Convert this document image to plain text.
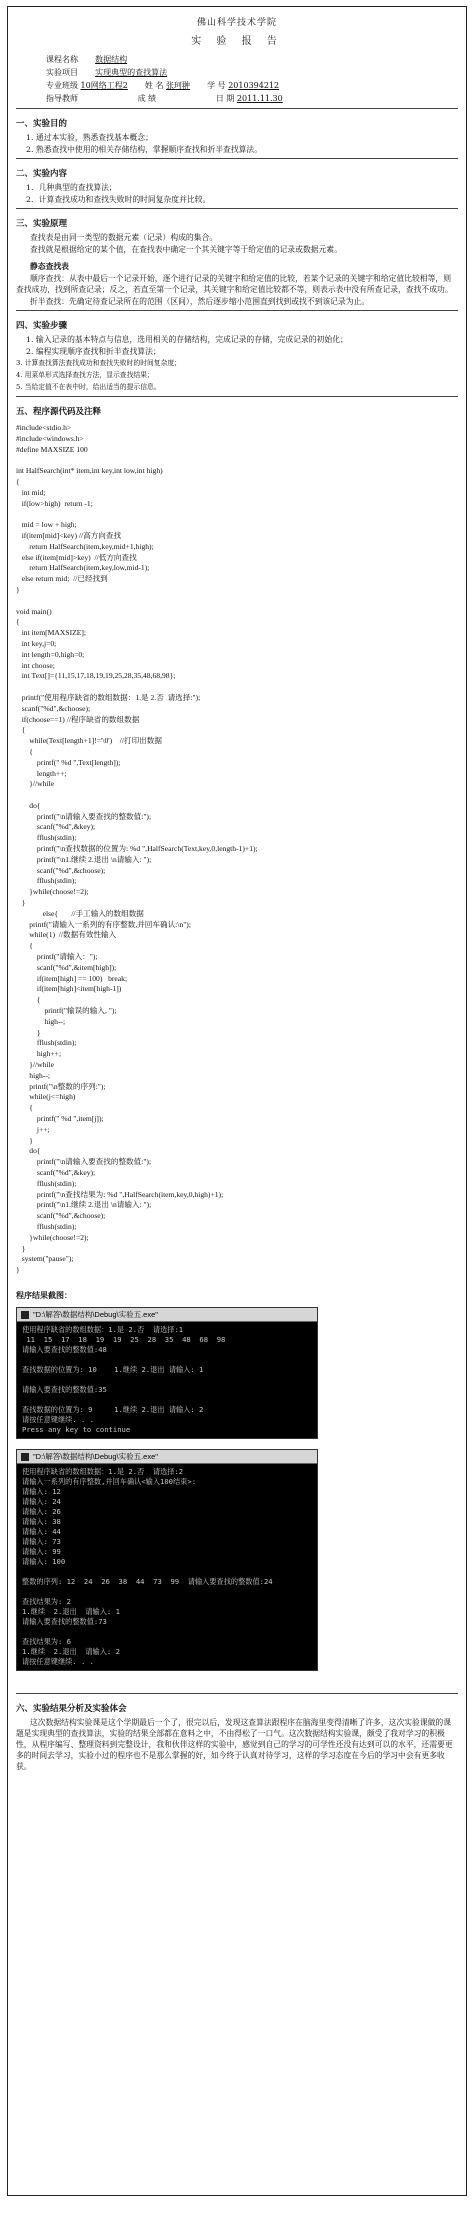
佛山科学技术学院
实 验 报 告
课程名称 数据结构
实验项目 实现典型的查找算法
专业班级 10网络工程2 姓 名 张珂翀 学 号 2010394212
指导教师	成 绩	日 期 2011.11.30
一、实验目的
1. 通过本实验，熟悉查找基本概念；
2. 熟悉查找中使用的相关存储结构，掌握顺序查找和折半查找算法。
二、实验内容
1．几种典型的查找算法；
2．计算查找成功和查找失败时的时间复杂度并比较。
三、实验原理
查找表是由同一类型的数据元素（记录）构成的集合。
查找就是根据给定的某个值，在查找表中确定一个其关键字等于给定值的记录或数据元素。
静态查找表
顺序查找：从表中最后一个记录开始，逐个进行记录的关键字和给定值的比较，若某个记录的关键字和给定值比较相等，则查找成功，找到所查记录；反之，若直至第一个记录，其关键字和给定值比较都不等，则表示表中没有所查记录，查找不成功。
折半查找：先确定待查记录所在的范围（区间），然后逐步缩小范围直到找到或找不到该记录为止。
四、实验步骤
1. 输入记录的基本特点与信息，选用相关的存储结构，完成记录的存储，完成记录的初始化；
2. 编程实现顺序查找和折半查找算法；
3. 计算查找算法查找成功和查找失败时的时间复杂度；
4. 用菜单形式选择查找方法，显示查找结果；
5. 当给定值不在表中时，给出适当的提示信息。
五、程序源代码及注释
#include<stdio.h>
#include<windows.h>
#define MAXSIZE 100

int HalfSearch(int* item,int key,int low,int high)
{
int mid;
if(low>high)  return -1;

mid = low + high;
if(item[mid]<key) //高方向查找
return HalfSearch(item,key,mid+1,high);
else if(item[mid]>key)  //低方向查找
return HalfSearch(item,key,low,mid-1);
else return mid;  //已经找到
}

void main()
{
int item[MAXSIZE];
int key,j=0;
int length=0,high=0;
int choose;
int Text[]={11,15,17,18,19,19,25,28,35,48,68,98};

printf("使用程序缺省的数组数据：1.是 2.否  请选择:");
scanf("%d",&choose);
if(choose==1) //程序缺省的数组数据
{
while(Text[length+1]!='\0')    //打印出数据
{
printf(" %d ",Text[length]);
length++;
}//while

do{
printf("\n请输入要查找的整数值:");
scanf("%d",&key);
fflush(stdin);
printf("\n查找数据的位置为: %d ",HalfSearch(Text,key,0,length-1)+1);
printf("\n1.继续 2.退出 \n请输入: ");
scanf("%d",&choose);
fflush(stdin);
}while(choose!=2);
}
else{       //手工输入的数组数据
printf("请输入一系列的有序整数,并回车确认:\n");
while(1)  //数据有效性输入
{
printf("请输入：");
scanf("%d",&item[high]);
if(item[high] == 100)   break;
if(item[high]<item[high-1])
{
printf("输误的输入, ");
high--;
}
fflush(stdin);
high++;
}//while
high--;
printf("\n整数的序列:");
while(j<=high)
{
printf(" %d ",item[j]);
j++;
}
do{
printf("\n请输入要查找的整数值:");
scanf("%d",&key);
fflush(stdin);
printf("\n查找结果为: %d ",HalfSearch(item,key,0,high)+1);
printf("\n1.继续 2.退出 \n请输入: ");
scanf("%d",&choose);
fflush(stdin);
}while(choose!=2);
}
system("pause");
}
程序结果截图：
"D:\解答\数据结构\Debug\实验五.exe"
使用程序缺省的数组数据：1.是 2.否  请选择:1
11  15  17  18  19  19  25  28  35  48  68  98
请输入要查找的整数值:48

查找数据的位置为: 10    1.继续 2.退出 请输入: 1

请输入要查找的整数值:35

查找数据的位置为: 9     1.继续 2.退出 请输入: 2
请按任意键继续. . .
Press any key to continue
"D:\解答\数据结构\Debug\实验五.exe"
使用程序缺省的数组数据：1.是 2.否  请选择:2
请输入一系列的有序整数,并回车确认<输入100结束>:
请输入: 12
请输入: 24
请输入: 26
请输入: 38
请输入: 44
请输入: 73
请输入: 99
请输入: 100

整数的序列: 12  24  26  38  44  73  99  请输入要查找的整数值:24

查找结果为: 2
1.继续  2.退出  请输入: 1
请输入要查找的整数值:73

查找结果为: 6
1.继续  2.退出  请输入: 2
请按任意键继续. . .
六、实验结果分析及实验体会
这次数据结构实验课是这个学期最后一个了，很完以后，发现这查算法跟程序在脑海里变得清晰了许多，这次实验课做的课题是实现典型的查找算法，实验的结果全部都在意料之中，不由得松了一口气。这次数据结构实验课，颇受了我对学习的积极性，从程序编写、整理资料到完整设计，我和伙伴这样的实验中，感觉到自己的学习的可学性还没有达到可以的水平，还需要更多的时间去学习，实验小过的程序也不是那么掌握的好，如今终于认真对待学习，这样的学习态度在今后的学习中会有更多收获。
